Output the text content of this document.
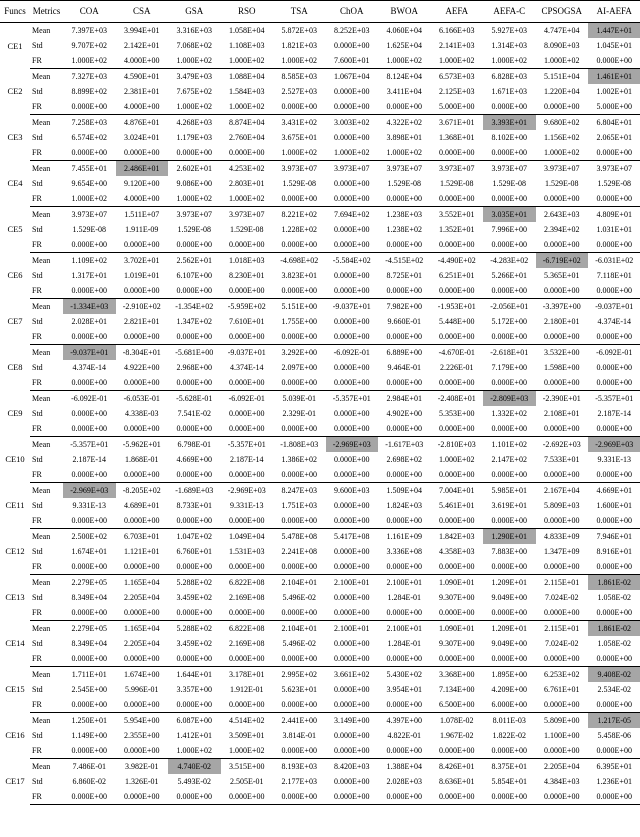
Funcs	Metrics	COA	CSA	GSA	RSO	TSA	ChOA	BWOA	AEFA	AEFA-C	CPSOGSA	AI-AEFA
CE1	Mean	7.397E+03	3.994E+01	3.316E+03	1.058E+04	5.872E+03	8.252E+03	4.060E+04	6.166E+03	5.927E+03	4.747E+04	1.447E+01
	Std	9.707E+02	2.142E+01	7.068E+02	1.108E+03	1.821E+03	0.000E+00	1.625E+04	2.141E+03	1.314E+03	8.090E+03	1.045E+01
	FR	1.000E+02	4.000E+00	1.000E+02	1.000E+02	1.000E+02	7.600E+01	1.000E+02	1.000E+02	1.000E+02	1.000E+02	0.000E+00
CE2	Mean	7.327E+03	4.590E+01	3.479E+03	1.088E+04	8.585E+03	1.067E+04	8.124E+04	6.573E+03	6.828E+03	5.151E+04	1.461E+01
	Std	8.899E+02	2.381E+01	7.675E+02	1.584E+03	2.527E+03	0.000E+00	3.411E+04	2.125E+03	1.671E+03	1.220E+04	1.002E+01
	FR	0.000E+00	4.000E+00	1.000E+02	1.000E+02	0.000E+00	0.000E+00	0.000E+00	5.000E+00	0.000E+00	0.000E+00	5.000E+00
CE3	Mean	7.258E+03	4.876E+01	4.268E+03	8.874E+04	3.431E+02	3.003E+02	4.322E+02	3.671E+01	3.393E+01	9.680E+02	6.804E+01
	Std	6.574E+02	3.024E+01	1.179E+03	2.760E+04	3.675E+01	0.000E+00	3.898E+01	1.368E+01	8.102E+00	1.156E+02	2.065E+01
	FR	0.000E+00	0.000E+00	0.000E+00	0.000E+00	1.000E+02	1.000E+02	1.000E+02	0.000E+00	0.000E+00	1.000E+02	0.000E+00
CE4	Mean	7.455E+01	2.486E+01	2.602E+01	4.253E+02	3.973E+07	3.973E+07	3.973E+07	3.973E+07	3.973E+07	3.973E+07	3.973E+07
	Std	9.654E+00	9.120E+00	9.086E+00	2.803E+01	1.529E-08	0.000E+00	1.529E-08	1.529E-08	1.529E-08	1.529E-08	1.529E-08
	FR	1.000E+02	4.000E+00	1.000E+02	1.000E+02	0.000E+00	0.000E+00	0.000E+00	0.000E+00	0.000E+00	0.000E+00	0.000E+00
CE5	Mean	3.973E+07	1.511E+07	3.973E+07	3.973E+07	8.221E+02	7.694E+02	1.238E+03	3.552E+01	3.035E+01	2.643E+03	4.809E+01
	Std	1.529E-08	1.911E-09	1.529E-08	1.529E-08	1.228E+02	0.000E+00	1.238E+02	1.352E+01	7.996E+00	2.394E+02	1.031E+01
	FR	0.000E+00	0.000E+00	0.000E+00	0.000E+00	0.000E+00	0.000E+00	0.000E+00	0.000E+00	0.000E+00	0.000E+00	0.000E+00
CE6	Mean	1.109E+02	3.702E+01	2.562E+01	1.018E+03	-4.698E+02	-5.584E+02	-4.515E+02	-4.490E+02	-4.283E+02	-6.719E+02	-6.031E+02
	Std	1.317E+01	1.019E+01	6.107E+00	8.230E+01	3.823E+01	0.000E+00	8.725E+01	6.251E+01	5.266E+01	5.365E+01	7.118E+01
	FR	0.000E+00	0.000E+00	0.000E+00	0.000E+00	0.000E+00	0.000E+00	0.000E+00	0.000E+00	0.000E+00	0.000E+00	0.000E+00
CE7	Mean	-1.334E+03	-2.910E+02	-1.354E+02	-5.959E+02	5.151E+00	-9.037E+01	7.982E+00	-1.953E+01	-2.056E+01	-3.397E+00	-9.037E+01
	Std	2.028E+01	2.821E+01	1.347E+02	7.610E+01	1.755E+00	0.000E+00	9.660E-01	5.448E+00	5.172E+00	2.180E+01	4.374E-14
	FR	0.000E+00	0.000E+00	0.000E+00	0.000E+00	0.000E+00	0.000E+00	0.000E+00	0.000E+00	0.000E+00	0.000E+00	0.000E+00
CE8	Mean	-9.037E+01	-8.304E+01	-5.681E+00	-9.037E+01	3.292E+00	-6.092E-01	6.889E+00	-4.670E-01	-2.618E+01	3.532E+00	-6.092E-01
	Std	4.374E-14	4.922E+00	2.968E+00	4.374E-14	2.097E+00	0.000E+00	9.464E-01	2.226E-01	7.179E+00	1.598E+00	0.000E+00
	FR	0.000E+00	0.000E+00	0.000E+00	0.000E+00	0.000E+00	0.000E+00	0.000E+00	0.000E+00	0.000E+00	0.000E+00	0.000E+00
CE9	Mean	-6.092E-01	-6.053E-01	-5.628E-01	-6.092E-01	5.039E-01	-5.357E+01	2.984E+01	-2.408E+01	-2.809E+03	-2.390E+01	-5.357E+01
	Std	0.000E+00	4.338E-03	7.541E-02	0.000E+00	2.329E-01	0.000E+00	4.902E+00	5.353E+00	1.332E+02	2.108E+01	2.187E-14
	FR	0.000E+00	0.000E+00	0.000E+00	0.000E+00	0.000E+00	0.000E+00	0.000E+00	0.000E+00	0.000E+00	0.000E+00	0.000E+00
CE10	Mean	-5.357E+01	-5.962E+01	6.798E-01	-5.357E+01	-1.808E+03	-2.969E+03	-1.617E+03	-2.810E+03	1.101E+02	-2.692E+03	-2.969E+03
	Std	2.187E-14	1.868E-01	4.669E+00	2.187E-14	1.386E+02	0.000E+00	2.698E+02	1.000E+02	2.147E+02	7.533E+01	9.331E-13
	FR	0.000E+00	0.000E+00	0.000E+00	0.000E+00	0.000E+00	0.000E+00	0.000E+00	0.000E+00	0.000E+00	0.000E+00	0.000E+00
CE11	Mean	-2.969E+03	-8.205E+02	-1.689E+03	-2.969E+03	8.247E+03	9.600E+03	1.509E+04	7.004E+01	5.985E+01	2.167E+04	4.669E+01
	Std	9.331E-13	4.689E+01	8.733E+01	9.331E-13	1.751E+03	0.000E+00	1.824E+03	5.461E+01	3.619E+01	5.809E+03	1.600E+01
	FR	0.000E+00	0.000E+00	0.000E+00	0.000E+00	0.000E+00	0.000E+00	0.000E+00	0.000E+00	0.000E+00	0.000E+00	0.000E+00
CE12	Mean	2.500E+02	6.703E+01	1.047E+02	1.049E+04	5.478E+08	5.417E+08	1.161E+09	1.842E+03	1.290E+01	4.833E+09	7.946E+01
	Std	1.674E+01	1.121E+01	6.760E+01	1.531E+03	2.241E+08	0.000E+00	3.336E+08	4.358E+03	7.883E+00	1.347E+09	8.916E+01
	FR	0.000E+00	0.000E+00	0.000E+00	0.000E+00	0.000E+00	0.000E+00	0.000E+00	0.000E+00	0.000E+00	0.000E+00	0.000E+00
CE13	Mean	2.279E+05	1.165E+04	5.288E+02	6.822E+08	2.104E+01	2.100E+01	2.100E+01	1.090E+01	1.209E+01	2.115E+01	1.861E-02
	Std	8.349E+04	2.205E+04	3.459E+02	2.169E+08	5.496E-02	0.000E+00	1.284E-01	9.307E+00	9.049E+00	7.024E-02	1.058E-02
	FR	0.000E+00	0.000E+00	0.000E+00	0.000E+00	0.000E+00	0.000E+00	0.000E+00	0.000E+00	0.000E+00	0.000E+00	0.000E+00
CE14	Mean	2.279E+05	1.165E+04	5.288E+02	6.822E+08	2.104E+01	2.100E+01	2.100E+01	1.090E+01	1.209E+01	2.115E+01	1.861E-02
	Std	8.349E+04	2.205E+04	3.459E+02	2.169E+08	5.496E-02	0.000E+00	1.284E-01	9.307E+00	9.049E+00	7.024E-02	1.058E-02
	FR	0.000E+00	0.000E+00	0.000E+00	0.000E+00	0.000E+00	0.000E+00	0.000E+00	0.000E+00	0.000E+00	0.000E+00	0.000E+00
CE15	Mean	1.711E+01	1.674E+00	1.644E+01	3.178E+01	2.995E+02	3.661E+02	5.430E+02	3.368E+00	1.895E+00	6.253E+02	9.408E-02
	Std	2.545E+00	5.996E-01	3.357E+00	1.912E-01	5.623E+01	0.000E+00	3.954E+01	7.134E+00	4.209E+00	6.761E+01	2.534E-02
	FR	0.000E+00	0.000E+00	0.000E+00	0.000E+00	0.000E+00	0.000E+00	0.000E+00	6.500E+00	6.000E+00	0.000E+00	0.000E+00
CE16	Mean	1.250E+01	5.954E+00	6.087E+00	4.514E+02	2.441E+00	3.149E+00	4.397E+00	1.078E-02	8.011E-03	5.809E+00	1.217E-05
	Std	1.149E+00	2.355E+00	1.412E+01	3.509E+01	3.814E-01	0.000E+00	4.822E-01	1.967E-02	1.822E-02	1.100E+00	5.458E-06
	FR	0.000E+00	0.000E+00	1.000E+02	1.000E+02	0.000E+00	0.000E+00	0.000E+00	0.000E+00	0.000E+00	0.000E+00	0.000E+00
CE17	Mean	7.486E-01	3.982E-01	4.740E-02	3.515E+00	8.193E+03	8.420E+03	1.388E+04	8.426E+01	8.375E+01	2.205E+04	6.395E+01
	Std	6.860E-02	1.326E-01	5.493E-02	2.505E-01	2.177E+03	0.000E+00	2.028E+03	8.636E+01	5.854E+01	4.384E+03	1.236E+01
	FR	0.000E+00	0.000E+00	0.000E+00	0.000E+00	0.000E+00	0.000E+00	0.000E+00	0.000E+00	0.000E+00	0.000E+00	0.000E+00
